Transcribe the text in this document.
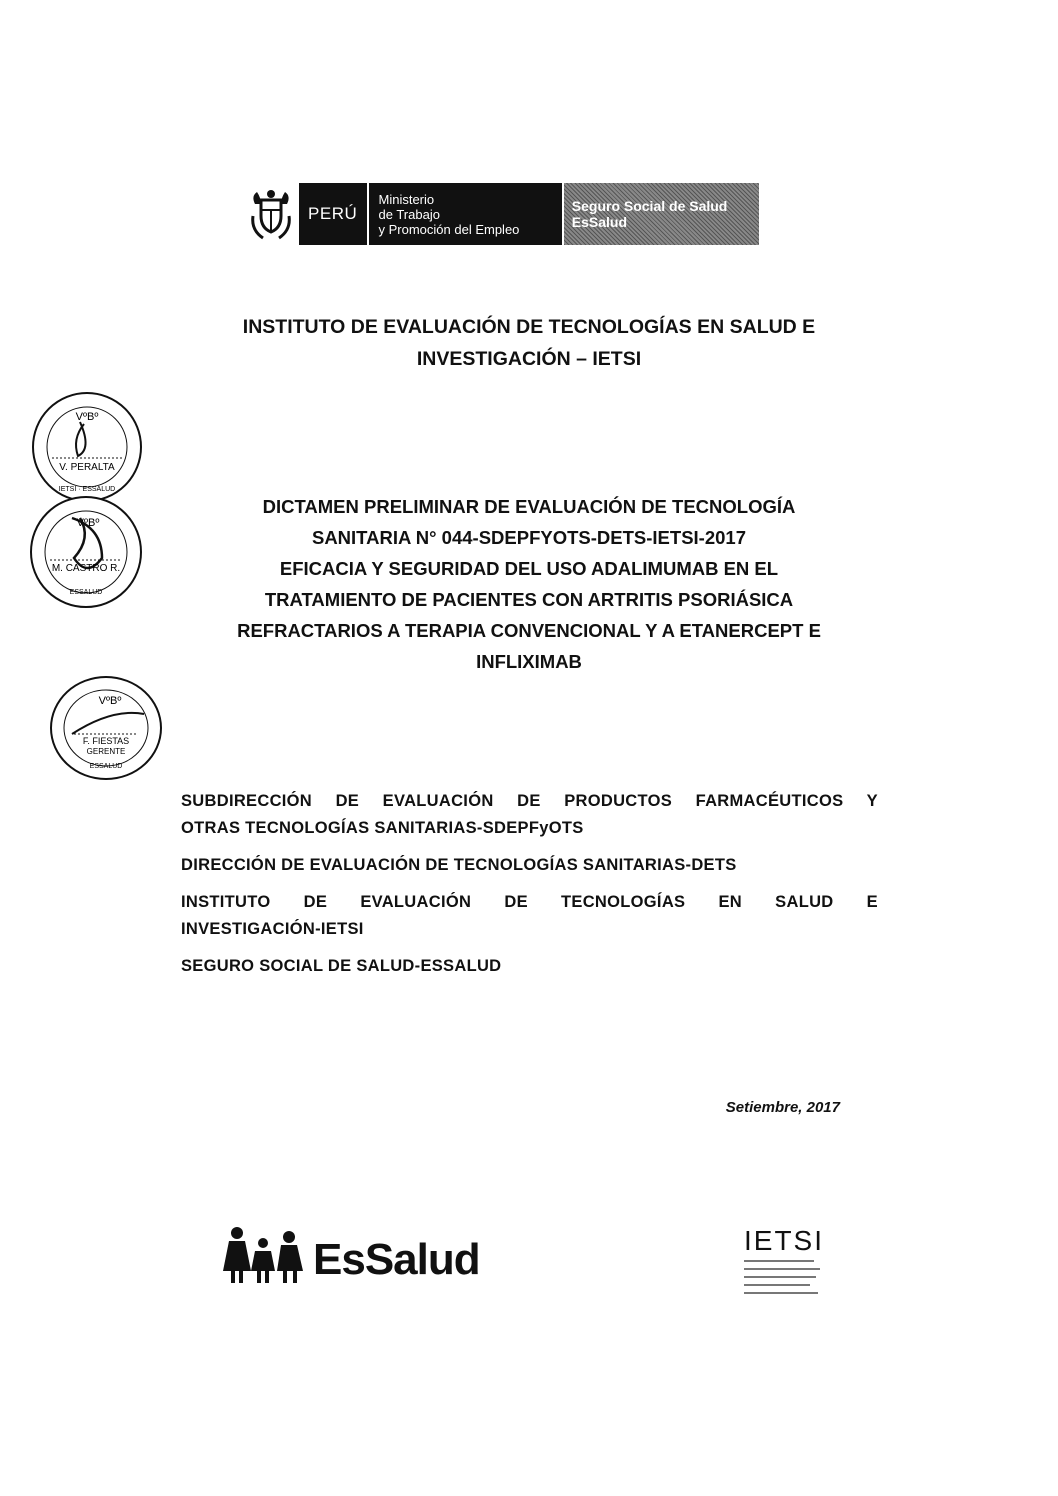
PERÚ
Ministerio
de Trabajo
y Promoción del Empleo
Seguro Social de Salud
EsSalud
INSTITUTO DE EVALUACIÓN DE TECNOLOGÍAS EN SALUD E
INVESTIGACIÓN – IETSI
VºBº
V. PERALTA
IETSI · ESSALUD
VºBº
M. CASTRO R.
ESSALUD
VºBº
F. FIESTAS
GERENTE
ESSALUD
DICTAMEN PRELIMINAR DE EVALUACIÓN DE TECNOLOGÍA
SANITARIA N° 044-SDEPFYOTS-DETS-IETSI-2017
EFICACIA Y SEGURIDAD DEL USO ADALIMUMAB EN EL
TRATAMIENTO DE PACIENTES CON ARTRITIS PSORIÁSICA
REFRACTARIOS A TERAPIA CONVENCIONAL Y A ETANERCEPT E
INFLIXIMAB
SUBDIRECCIÓN DE EVALUACIÓN DE PRODUCTOS FARMACÉUTICOS Y
OTRAS TECNOLOGÍAS SANITARIAS-SDEPFyOTS
DIRECCIÓN DE EVALUACIÓN DE TECNOLOGÍAS SANITARIAS-DETS
INSTITUTO DE EVALUACIÓN DE TECNOLOGÍAS EN SALUD E
INVESTIGACIÓN-IETSI
SEGURO SOCIAL DE SALUD-ESSALUD
Setiembre, 2017
EsSalud	IETSI
